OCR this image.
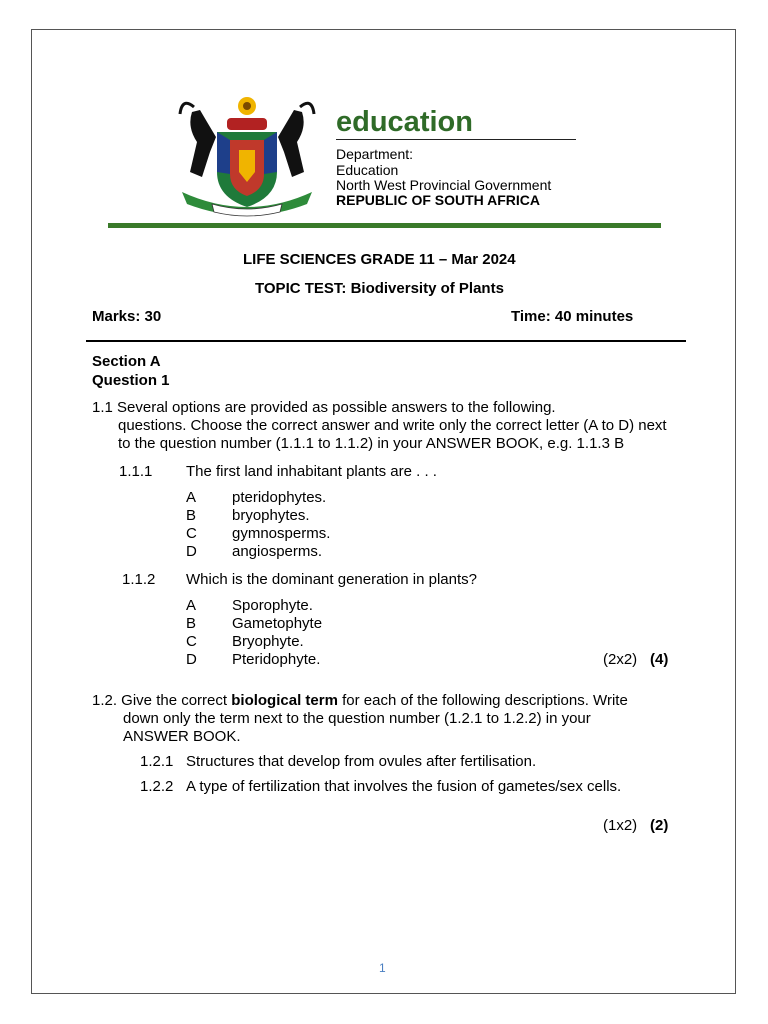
education
Department:
Education
North West Provincial Government
REPUBLIC OF SOUTH AFRICA
LIFE SCIENCES GRADE 11 – Mar 2024
TOPIC TEST: Biodiversity of Plants
Marks: 30	Time: 40 minutes
Section A
Question 1
1.1 Several options are provided as possible answers to the following.
questions. Choose the correct answer and write only the correct letter (A to D) next
to the question number (1.1.1 to 1.1.2) in your ANSWER BOOK, e.g. 1.1.3 B
1.1.1 The first land inhabitant plants are . . .
A pteridophytes.
B bryophytes.
C gymnosperms.
D angiosperms.
1.1.2 Which is the dominant generation in plants?
A Sporophyte.
B Gametophyte
C Bryophyte.
D Pteridophyte.	(2x2) (4)
1.2. Give the correct biological term for each of the following descriptions. Write
down only the term next to the question number (1.2.1 to 1.2.2) in your
ANSWER BOOK.
1.2.1 Structures that develop from ovules after fertilisation.
1.2.2 A type of fertilization that involves the fusion of gametes/sex cells.
(1x2) (2)
1
